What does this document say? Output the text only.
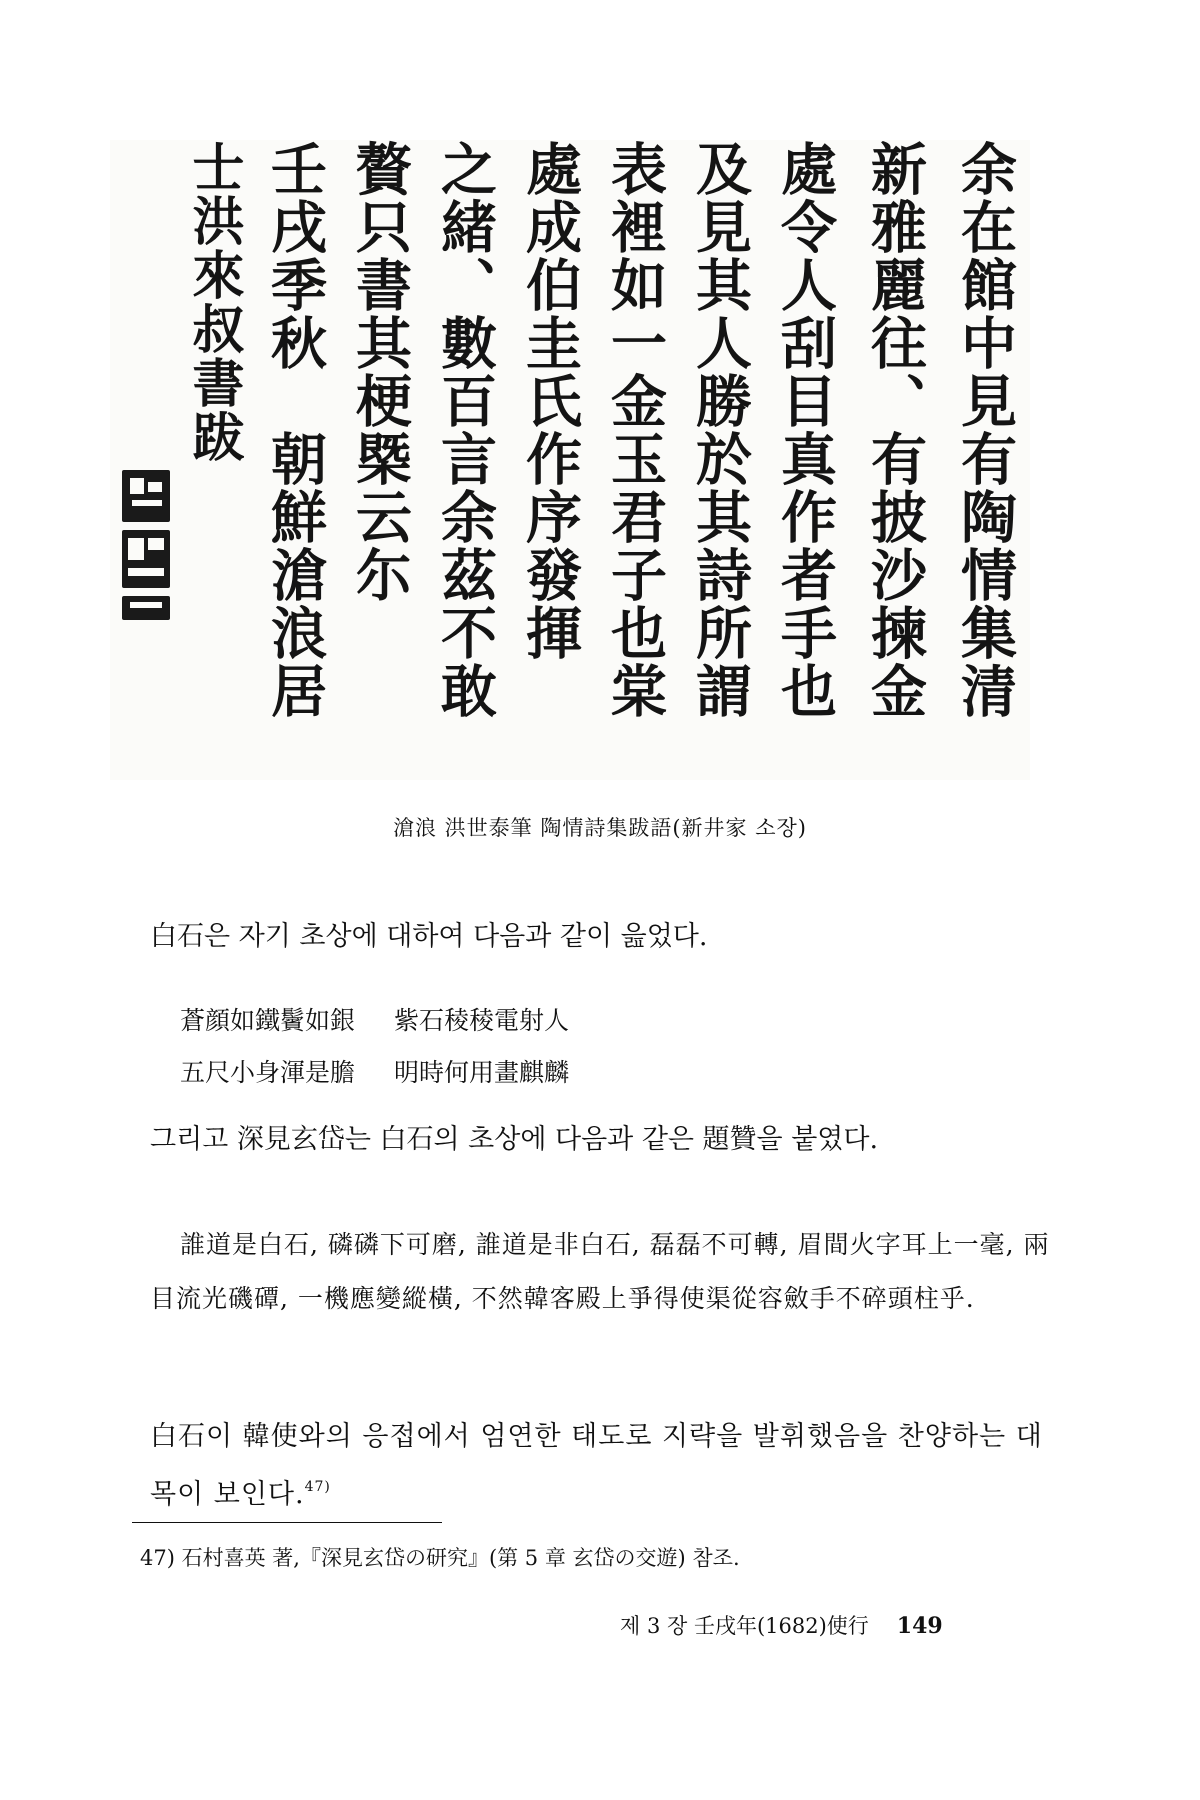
余在館中見有陶情集清
新雅麗往、有披沙揀金
處令人刮目真作者手也
及見其人勝於其詩所謂
表裡如一金玉君子也棠
處成伯圭氏作序發揮
之緒、數百言余茲不敢
贅只書其梗槩云尓
壬戌季秋　朝鮮滄浪居
士洪來叔書跋
滄浪 洪世泰筆 陶情詩集跋語(新井家 소장)
白石은 자기 초상에 대하여 다음과 같이 읊었다.
蒼顔如鐵鬢如銀 紫石稜稜電射人
五尺小身渾是膽 明時何用畫麒麟
그리고 深見玄岱는 白石의 초상에 다음과 같은 題贊을 붙였다.
誰道是白石, 磷磷下可磨, 誰道是非白石, 磊磊不可轉, 眉間火字耳上一毫, 兩目流光磯磹, 一機應變縱橫, 不然韓客殿上爭得使渠從容斂手不碎頭柱乎.
白石이 韓使와의 응접에서 엄연한 태도로 지략을 발휘했음을 찬양하는 대목이 보인다.$^{47)}$
47) 石村喜英 著,『深見玄岱の研究』(第 5 章 玄岱の交遊) 참조.
제 3 장 壬戌年(1682)使行 149
